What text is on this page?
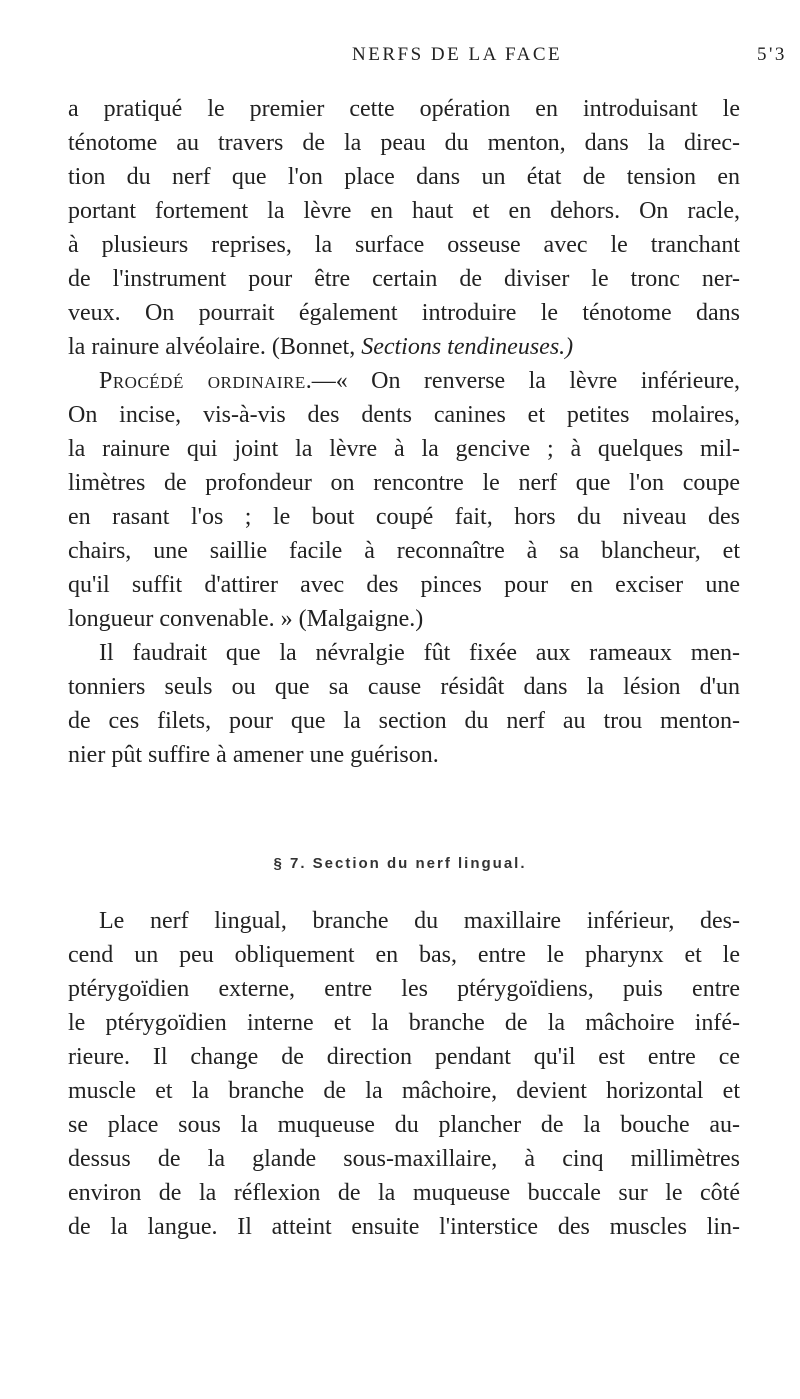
NERFS DE LA FACE	5'3
a pratiqué le premier cette opération en introduisant le
ténotome au travers de la peau du menton, dans la direc-
tion du nerf que l'on place dans un état de tension en
portant fortement la lèvre en haut et en dehors. On racle,
à plusieurs reprises, la surface osseuse avec le tranchant
de l'instrument pour être certain de diviser le tronc ner-
veux. On pourrait également introduire le ténotome dans
la rainure alvéolaire. (Bonnet, Sections tendineuses.)
Procédé ordinaire.—« On renverse la lèvre inférieure,
On incise, vis-à-vis des dents canines et petites molaires,
la rainure qui joint la lèvre à la gencive ; à quelques mil-
limètres de profondeur on rencontre le nerf que l'on coupe
en rasant l'os ; le bout coupé fait, hors du niveau des
chairs, une saillie facile à reconnaître à sa blancheur, et
qu'il suffit d'attirer avec des pinces pour en exciser une
longueur convenable. » (Malgaigne.)
Il faudrait que la névralgie fût fixée aux rameaux men-
tonniers seuls ou que sa cause résidât dans la lésion d'un
de ces filets, pour que la section du nerf au trou menton-
nier pût suffire à amener une guérison.
§ 7. Section du nerf lingual.
Le nerf lingual, branche du maxillaire inférieur, des-
cend un peu obliquement en bas, entre le pharynx et le
ptérygoïdien externe, entre les ptérygoïdiens, puis entre
le ptérygoïdien interne et la branche de la mâchoire infé-
rieure. Il change de direction pendant qu'il est entre ce
muscle et la branche de la mâchoire, devient horizontal et
se place sous la muqueuse du plancher de la bouche au-
dessus de la glande sous-maxillaire, à cinq millimètres
environ de la réflexion de la muqueuse buccale sur le côté
de la langue. Il atteint ensuite l'interstice des muscles lin-
